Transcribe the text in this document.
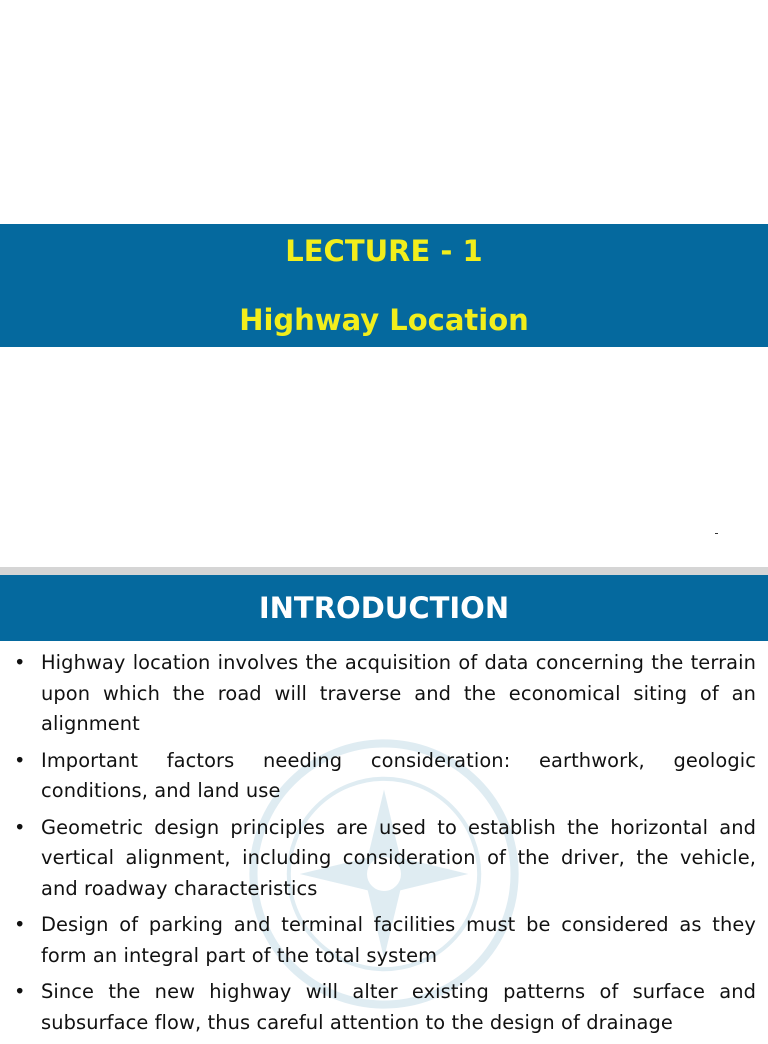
LECTURE - 1
Highway Location
INTRODUCTION
• Highway location involves the acquisition of data concerning the terrain upon which the road will traverse and the economical siting of an alignment
• Important factors needing consideration: earthwork, geologic conditions, and land use
• Geometric design principles are used to establish the horizontal and vertical alignment, including consideration of the driver, the vehicle, and roadway characteristics
• Design of parking and terminal facilities must be considered as they form an integral part of the total system
• Since the new highway will alter existing patterns of surface and subsurface flow, thus careful attention to the design of drainage
